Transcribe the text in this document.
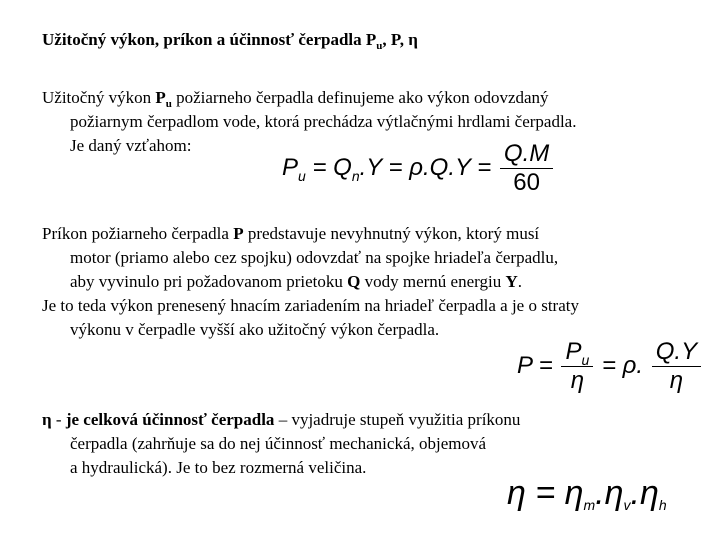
Užitočný výkon, príkon a účinnosť čerpadla $P_u$, P, η
Užitočný výkon $P_u$ požiarneho čerpadla definujeme ako výkon odovzdaný
požiarnym čerpadlom vode, ktorá prechádza výtlačnými hrdlami čerpadla.
Je daný vzťahom:
$P_u = Q_n.Y = \rho.Q.Y = \frac{Q.M}{60}$
Príkon požiarneho čerpadla P predstavuje nevyhnutný výkon, ktorý musí
motor (priamo alebo cez spojku) odovzdať na spojke hriadeľa čerpadlu,
aby vyvinulo pri požadovanom prietoku Q vody mernú energiu Y.
Je to teda výkon prenesený hnacím zariadením na hriadeľ čerpadla a je o straty
výkonu v čerpadle vyšší ako užitočný výkon čerpadla.
$P = \frac{P_u}{\eta} = \rho$. $\frac{Q.Y}{\eta}$
η - je celková účinnosť čerpadla – vyjadruje stupeň využitia príkonu
čerpadla (zahrňuje sa do nej účinnosť mechanická, objemová
a hydraulická). Je to bez rozmerná veličina.
$\eta = \eta_m.\eta_v.\eta_h$
